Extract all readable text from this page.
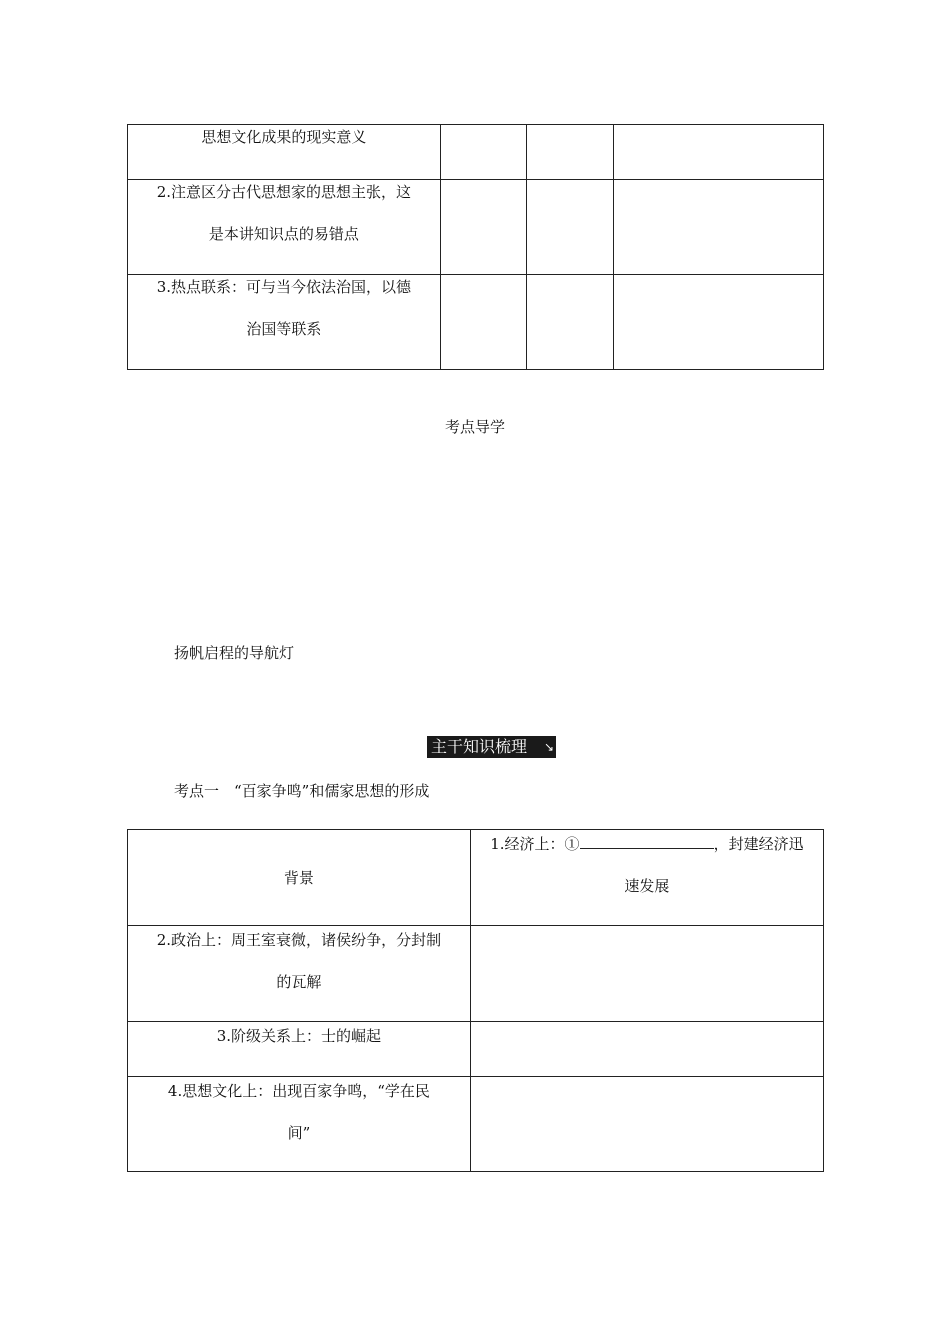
思想文化成果的现实意义			

2.注意区分古代思想家的思想主张，这
是本讲知识点的易错点			

3.热点联系：可与当今依法治国，以德
治国等联系			

考点导学
扬帆启程的导航灯
主干知识梳理 ↘
考点一　“百家争鸣”和儒家思想的形成
背景	1.经济上：① ，封建经济迅
速发展

2.政治上：周王室衰微，诸侯纷争，分封制
的瓦解	

3.阶级关系上：士的崛起	

4.思想文化上：出现百家争鸣，“学在民
间”	
